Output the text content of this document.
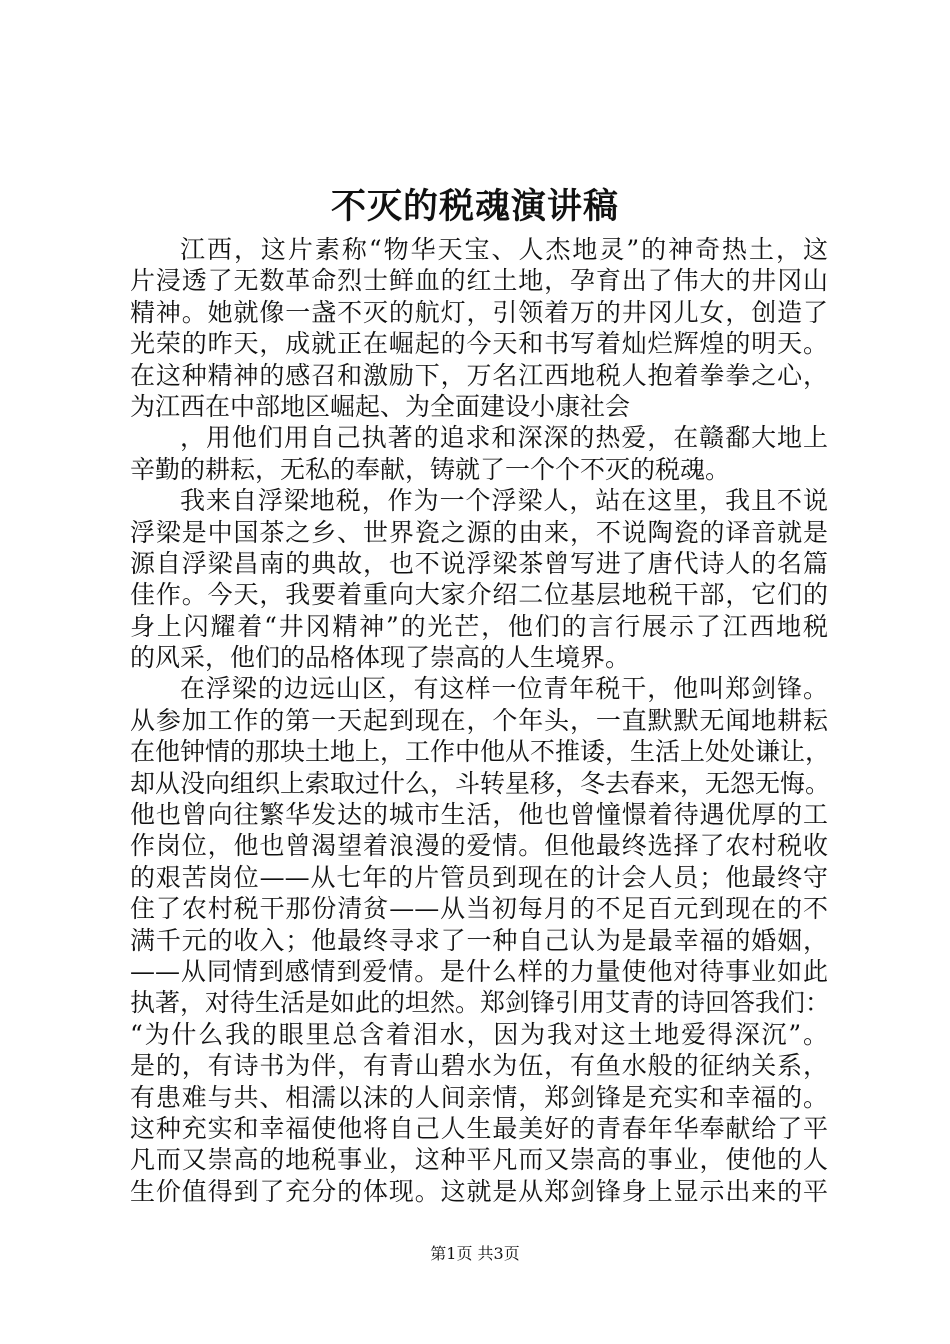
不灭的税魂演讲稿
江西，这片素称“物华天宝、人杰地灵”的神奇热土，这
片浸透了无数革命烈士鲜血的红土地，孕育出了伟大的井冈山
精神。她就像一盏不灭的航灯，引领着万的井冈儿女，创造了
光荣的昨天，成就正在崛起的今天和书写着灿烂辉煌的明天。
在这种精神的感召和激励下，万名江西地税人抱着拳拳之心，
为江西在中部地区崛起、为全面建设小康社会
，用他们用自己执著的追求和深深的热爱，在赣鄱大地上
辛勤的耕耘，无私的奉献，铸就了一个个不灭的税魂。
我来自浮梁地税，作为一个浮梁人，站在这里，我且不说
浮梁是中国茶之乡、世界瓷之源的由来，不说陶瓷的译音就是
源自浮梁昌南的典故，也不说浮梁茶曾写进了唐代诗人的名篇
佳作。今天，我要着重向大家介绍二位基层地税干部，它们的
身上闪耀着“井冈精神”的光芒，他们的言行展示了江西地税
的风采，他们的品格体现了崇高的人生境界。
在浮梁的边远山区，有这样一位青年税干，他叫郑剑锋。
从参加工作的第一天起到现在，个年头，一直默默无闻地耕耘
在他钟情的那块土地上，工作中他从不推诿，生活上处处谦让，
却从没向组织上索取过什么，斗转星移，冬去春来，无怨无悔。
他也曾向往繁华发达的城市生活，他也曾憧憬着待遇优厚的工
作岗位，他也曾渴望着浪漫的爱情。但他最终选择了农村税收
的艰苦岗位——从七年的片管员到现在的计会人员；他最终守
住了农村税干那份清贫——从当初每月的不足百元到现在的不
满千元的收入；他最终寻求了一种自己认为是最幸福的婚姻，
——从同情到感情到爱情。是什么样的力量使他对待事业如此
执著，对待生活是如此的坦然。郑剑锋引用艾青的诗回答我们：
“为什么我的眼里总含着泪水，因为我对这土地爱得深沉”。
是的，有诗书为伴，有青山碧水为伍，有鱼水般的征纳关系，
有患难与共、相濡以沫的人间亲情，郑剑锋是充实和幸福的。
这种充实和幸福使他将自己人生最美好的青春年华奉献给了平
凡而又崇高的地税事业，这种平凡而又崇高的事业，使他的人
生价值得到了充分的体现。这就是从郑剑锋身上显示出来的平
第1页 共3页
